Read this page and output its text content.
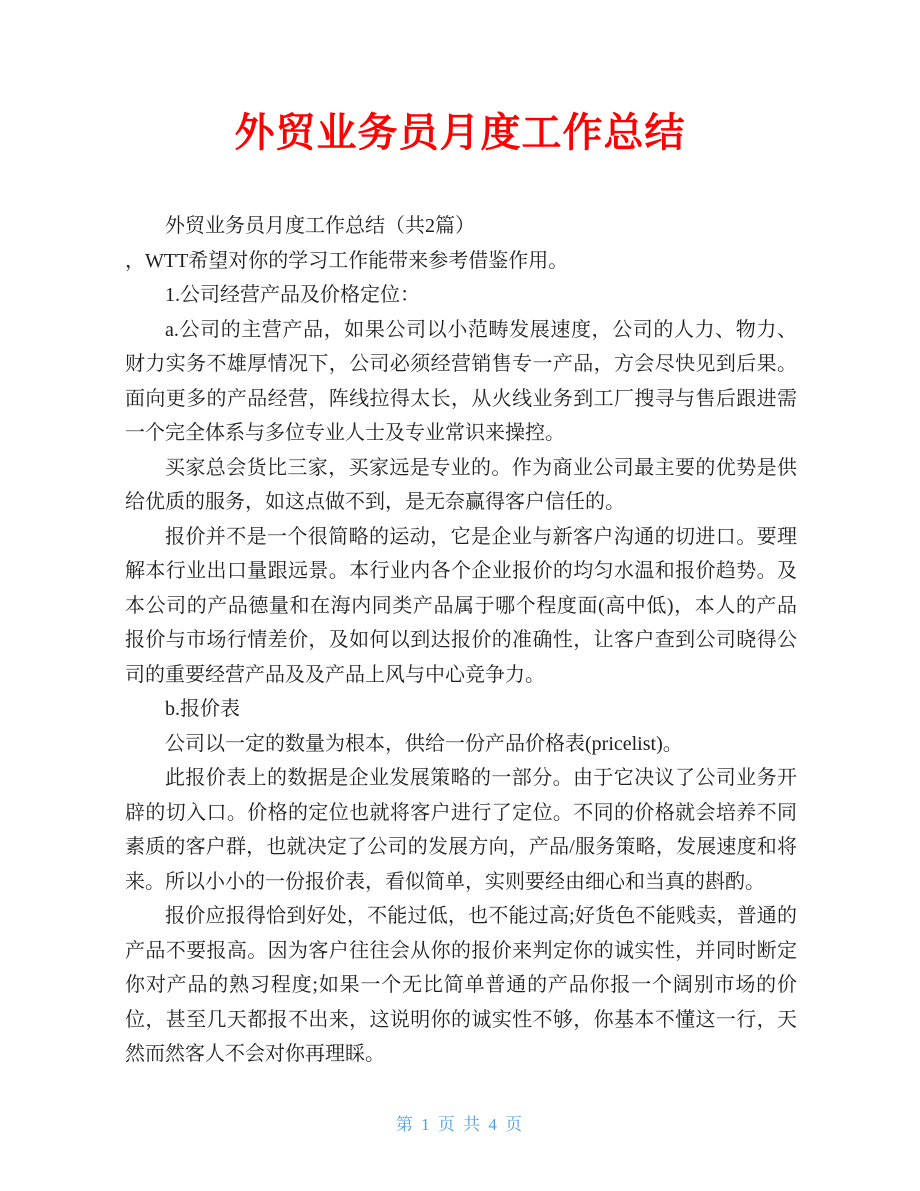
外贸业务员月度工作总结

外贸业务员月度工作总结（共2篇）

，WTT希望对你的学习工作能带来参考借鉴作用。

1.公司经营产品及价格定位：

a.公司的主营产品，如果公司以小范畴发展速度，公司的人力、物力、财力实务不雄厚情况下，公司必须经营销售专一产品，方会尽快见到后果。面向更多的产品经营，阵线拉得太长，从火线业务到工厂搜寻与售后跟进需一个完全体系与多位专业人士及专业常识来操控。

买家总会货比三家，买家远是专业的。作为商业公司最主要的优势是供给优质的服务，如这点做不到，是无奈赢得客户信任的。

报价并不是一个很简略的运动，它是企业与新客户沟通的切进口。要理解本行业出口量跟远景。本行业内各个企业报价的均匀水温和报价趋势。及本公司的产品德量和在海内同类产品属于哪个程度面(高中低)，本人的产品报价与市场行情差价，及如何以到达报价的准确性，让客户查到公司晓得公司的重要经营产品及及产品上风与中心竞争力。

b.报价表

公司以一定的数量为根本，供给一份产品价格表(pricelist)。

此报价表上的数据是企业发展策略的一部分。由于它决议了公司业务开辟的切入口。价格的定位也就将客户进行了定位。不同的价格就会培养不同素质的客户群，也就决定了公司的发展方向，产品/服务策略，发展速度和将来。所以小小的一份报价表，看似简单，实则要经由细心和当真的斟酌。

报价应报得恰到好处，不能过低，也不能过高;好货色不能贱卖，普通的产品不要报高。因为客户往往会从你的报价来判定你的诚实性，并同时断定你对产品的熟习程度;如果一个无比简单普通的产品你报一个阔别市场的价位，甚至几天都报不出来，这说明你的诚实性不够，你基本不懂这一行，天然而然客人不会对你再理睬。

第 1 页 共 4 页
